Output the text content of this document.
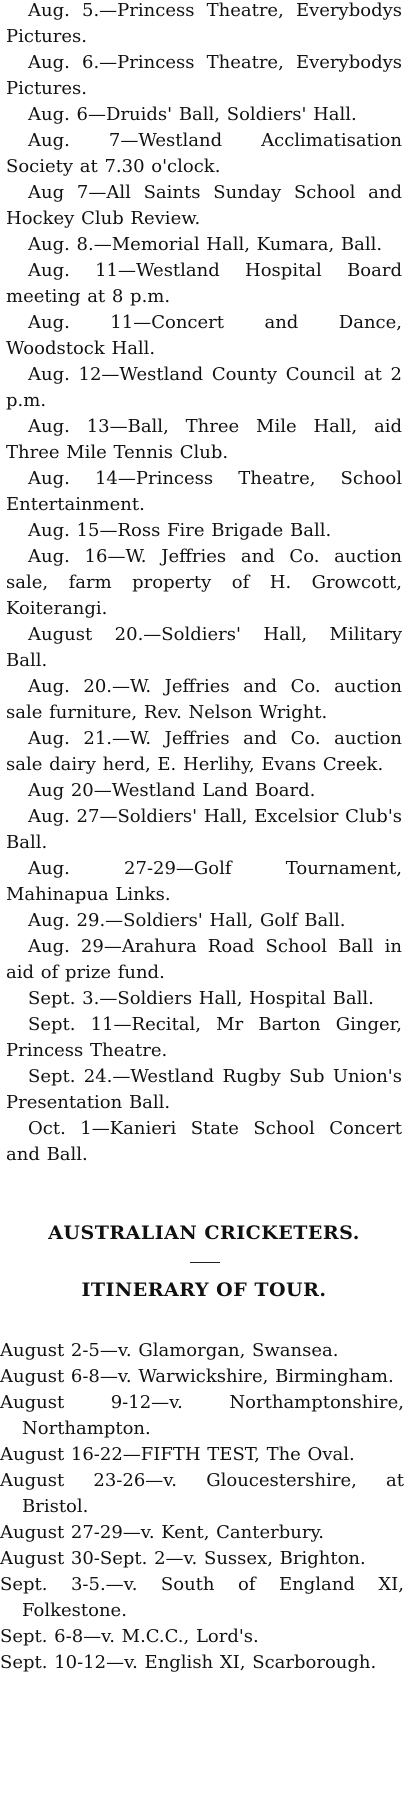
Aug. 5.—Princess Theatre, Everybodys Pictures.

Aug. 6.—Princess Theatre, Everybodys Pictures.

Aug. 6—Druids' Ball, Soldiers' Hall.

Aug. 7—Westland Acclimatisation Society at 7.30 o'clock.

Aug 7—All Saints Sunday School and Hockey Club Review.

Aug. 8.—Memorial Hall, Kumara, Ball.

Aug. 11—Westland Hospital Board meeting at 8 p.m.

Aug. 11—Concert and Dance, Woodstock Hall.

Aug. 12—Westland County Council at 2 p.m.

Aug. 13—Ball, Three Mile Hall, aid Three Mile Tennis Club.

Aug. 14—Princess Theatre, School Entertainment.

Aug. 15—Ross Fire Brigade Ball.

Aug. 16—W. Jeffries and Co. auction sale, farm property of H. Growcott, Koiterangi.

August 20.—Soldiers' Hall, Military Ball.

Aug. 20.—W. Jeffries and Co. auction sale furniture, Rev. Nelson Wright.

Aug. 21.—W. Jeffries and Co. auction sale dairy herd, E. Herlihy, Evans Creek.

Aug 20—Westland Land Board.

Aug. 27—Soldiers' Hall, Excelsior Club's Ball.

Aug. 27-29—Golf Tournament, Mahinapua Links.

Aug. 29.—Soldiers' Hall, Golf Ball.

Aug. 29—Arahura Road School Ball in aid of prize fund.

Sept. 3.—Soldiers Hall, Hospital Ball.

Sept. 11—Recital, Mr Barton Ginger, Princess Theatre.

Sept. 24.—Westland Rugby Sub Union's Presentation Ball.

Oct. 1—Kanieri State School Concert and Ball.

AUSTRALIAN CRICKETERS.
ITINERARY OF TOUR.

August 2-5—v. Glamorgan, Swansea.

August 6-8—v. Warwickshire, Birmingham.

August 9-12—v. Northamptonshire, Northampton.

August 16-22—FIFTH TEST, The Oval.

August 23-26—v. Gloucestershire, at Bristol.

August 27-29—v. Kent, Canterbury.

August 30-Sept. 2—v. Sussex, Brighton.

Sept. 3-5.—v. South of England XI, Folkestone.

Sept. 6-8—v. M.C.C., Lord's.

Sept. 10-12—v. English XI, Scarborough.
